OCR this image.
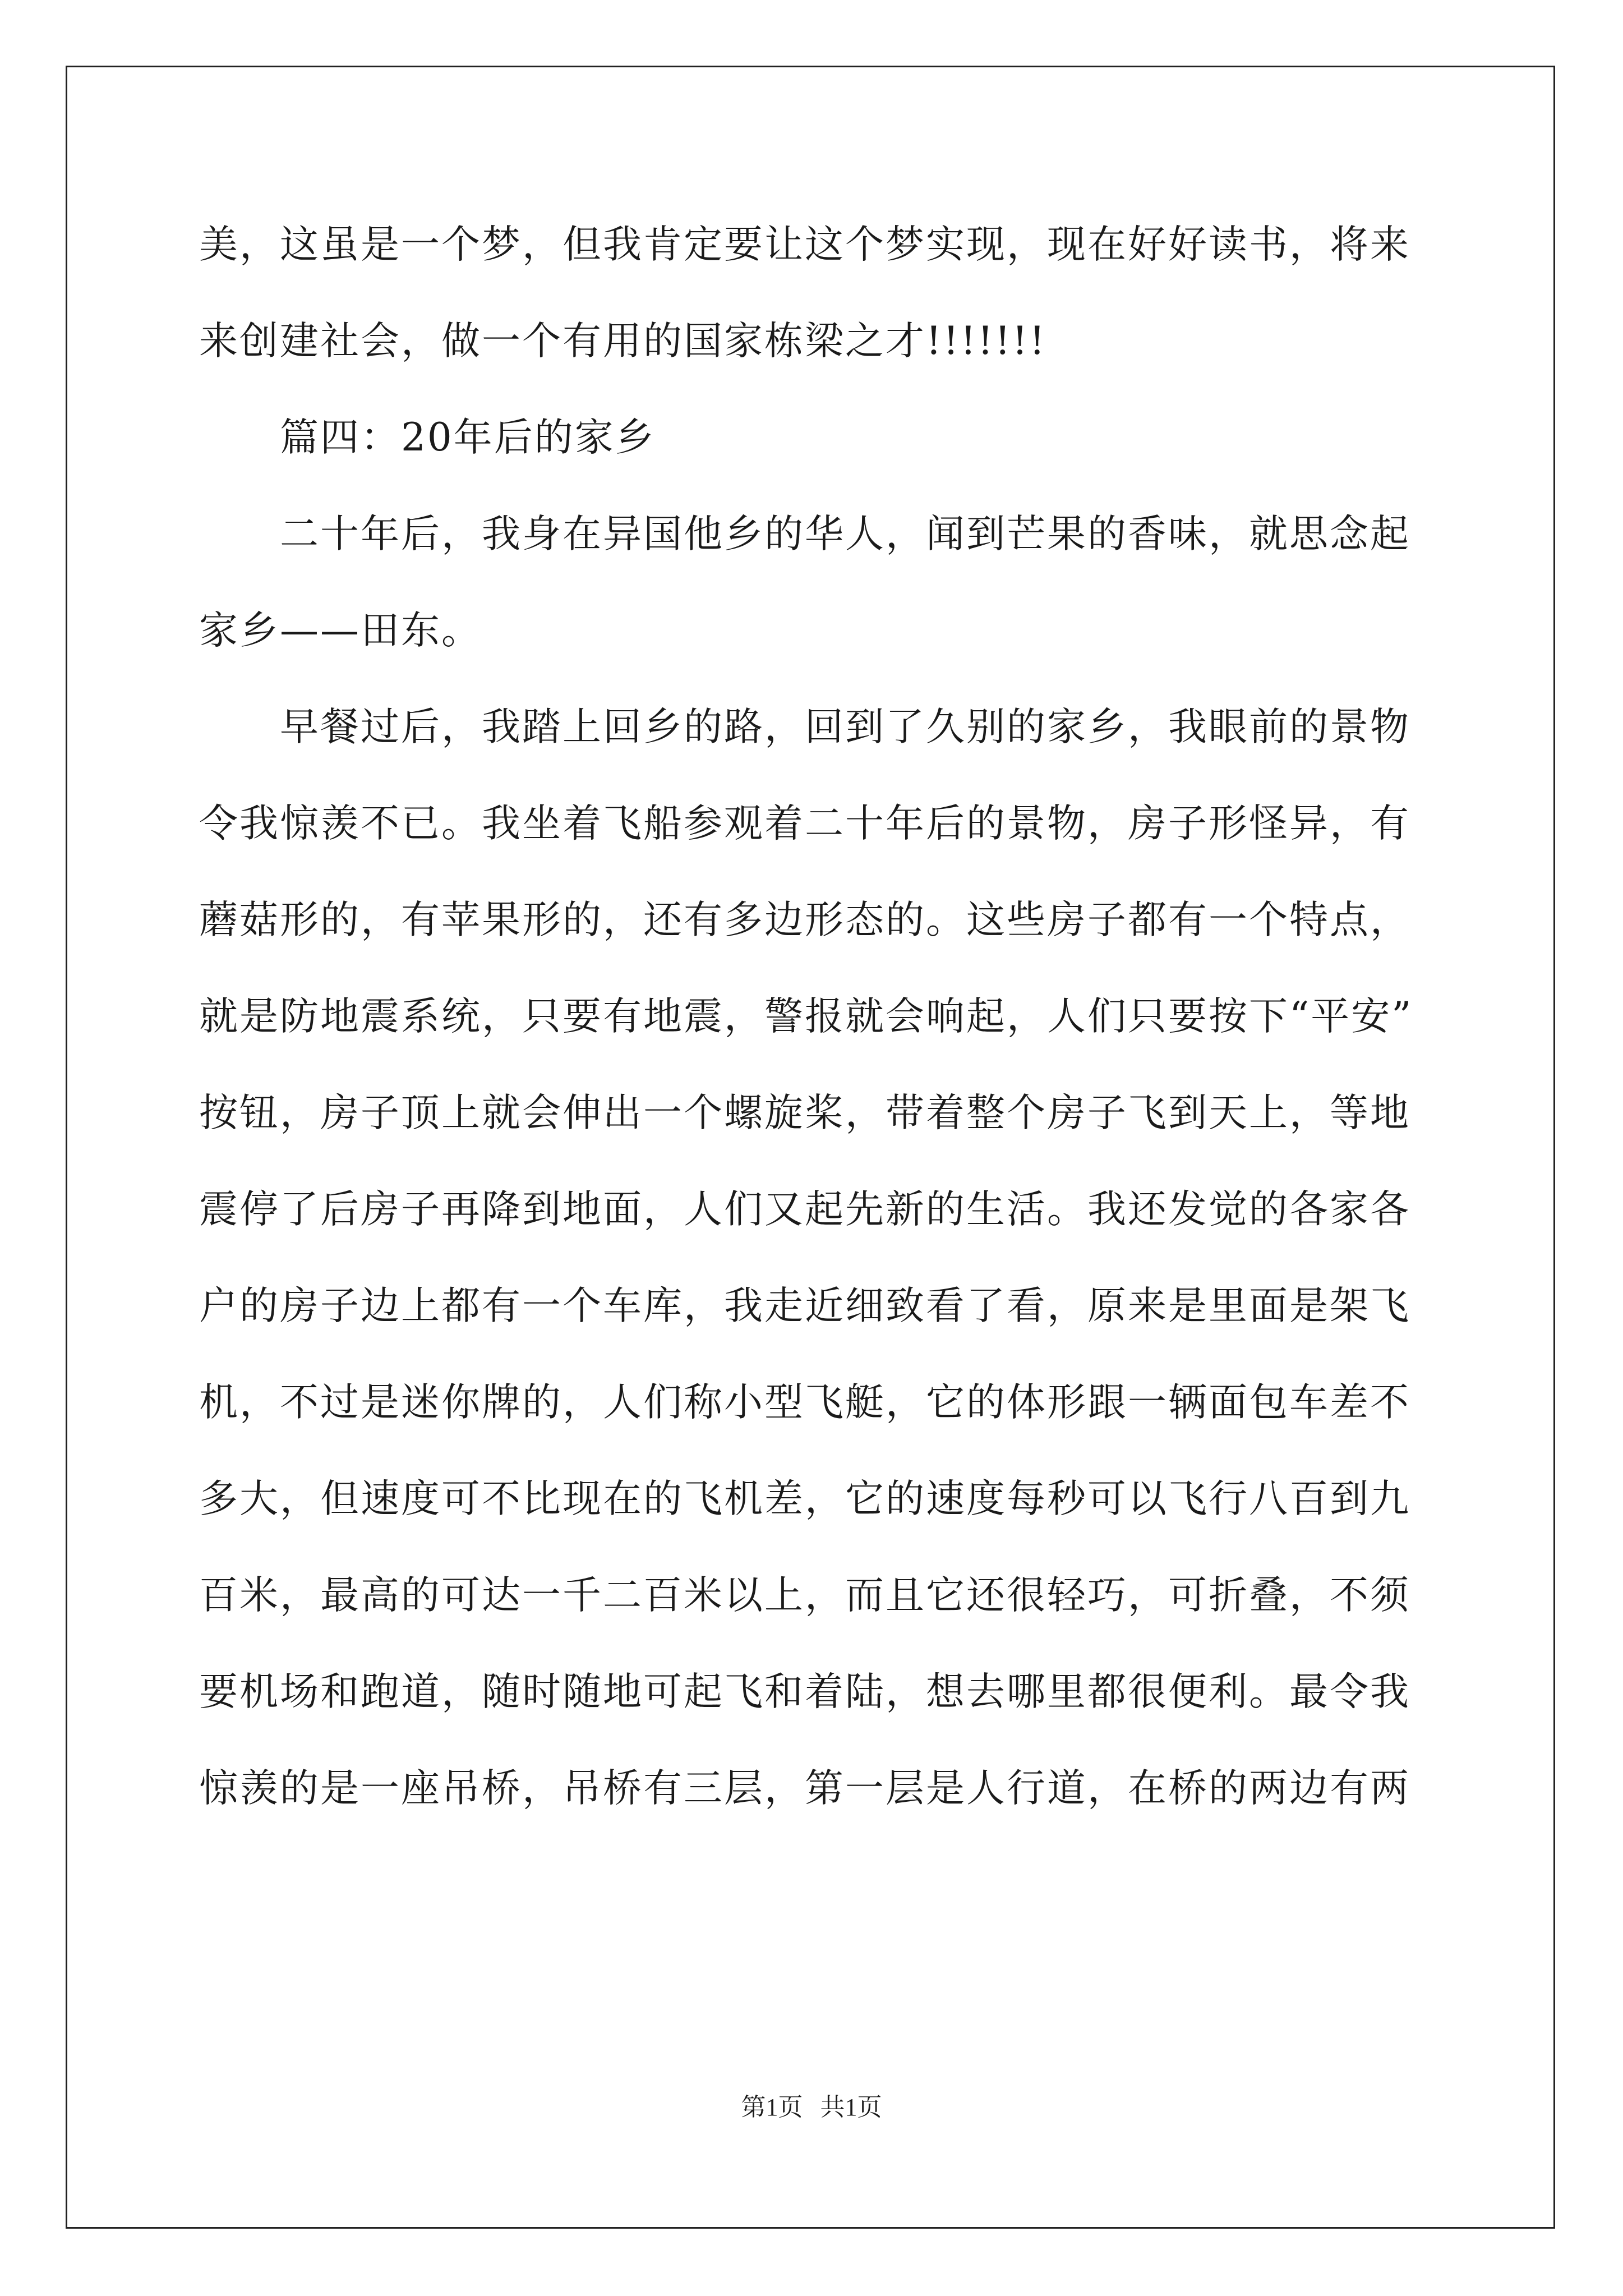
美，这虽是一个梦，但我肯定要让这个梦实现，现在好好读书，将来
来创建社会，做一个有用的国家栋梁之才!!!!!!!
　　篇四：20年后的家乡
　　二十年后，我身在异国他乡的华人，闻到芒果的香味，就思念起
家乡——田东。
　　早餐过后，我踏上回乡的路，回到了久别的家乡，我眼前的景物
令我惊羡不已。我坐着飞船参观着二十年后的景物，房子形怪异，有
蘑菇形的，有苹果形的，还有多边形态的。这些房子都有一个特点，
就是防地震系统，只要有地震，警报就会响起，人们只要按下“平安”
按钮，房子顶上就会伸出一个螺旋桨，带着整个房子飞到天上，等地
震停了后房子再降到地面，人们又起先新的生活。我还发觉的各家各
户的房子边上都有一个车库，我走近细致看了看，原来是里面是架飞
机，不过是迷你牌的，人们称小型飞艇，它的体形跟一辆面包车差不
多大，但速度可不比现在的飞机差，它的速度每秒可以飞行八百到九
百米，最高的可达一千二百米以上，而且它还很轻巧，可折叠，不须
要机场和跑道，随时随地可起飞和着陆，想去哪里都很便利。最令我
惊羡的是一座吊桥，吊桥有三层，第一层是人行道，在桥的两边有两
第1页 共1页
